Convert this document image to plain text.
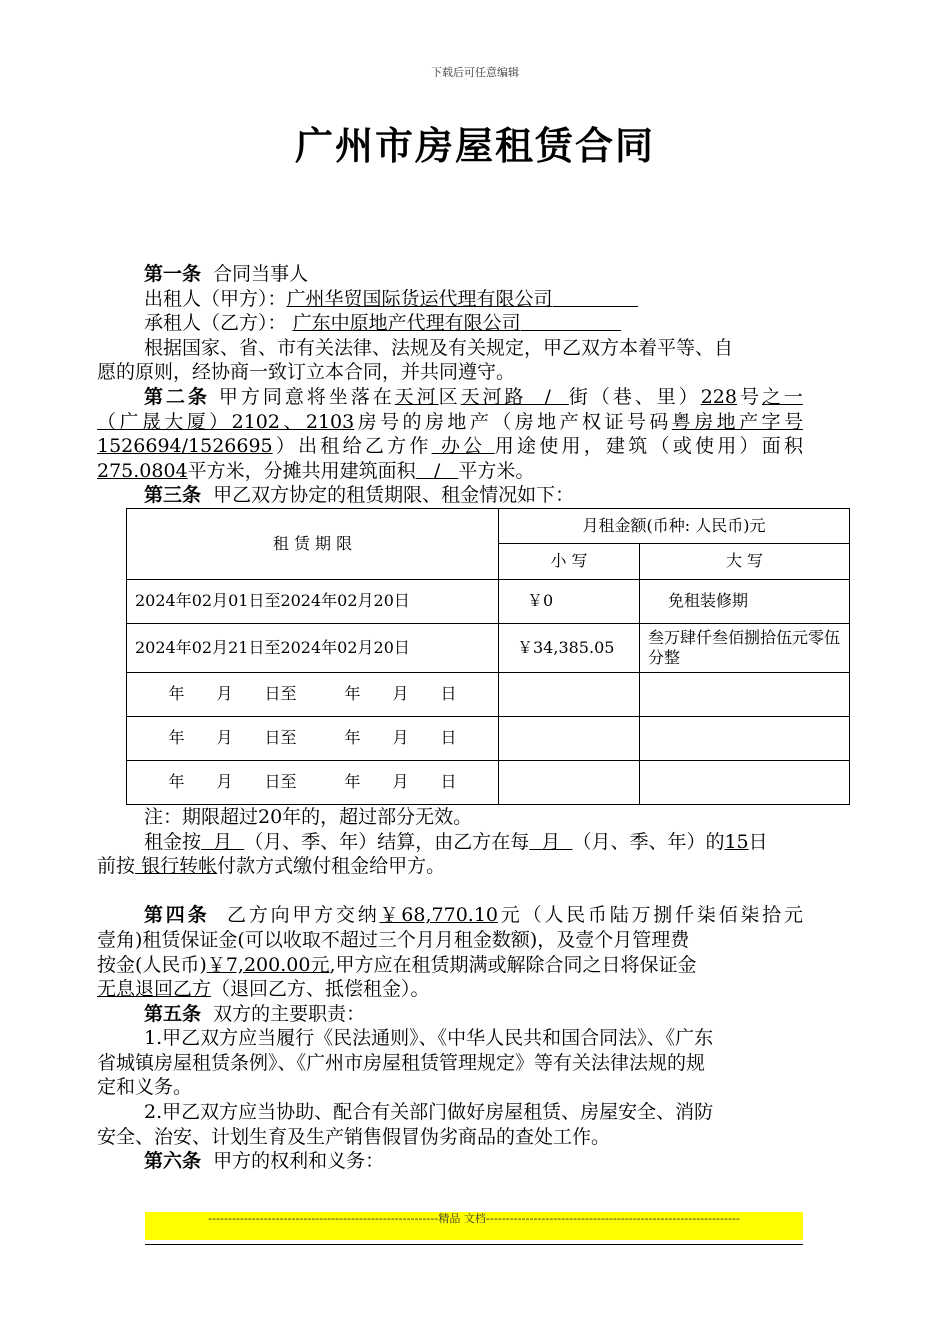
下载后可任意编辑
广州市房屋租赁合同
第一条 合同当事人
出租人（甲方）：广州华贸国际货运代理有限公司
承租人（乙方）： 广东中原地产代理有限公司
根据国家、省、市有关法律、法规及有关规定，甲乙双方本着平等、自
愿的原则，经协商一致订立本合同，并共同遵守。
第二条 甲方同意将坐落在天河区天河路 / 街（巷、里）228号之一
（广晟大厦）2102、2103房号的房地产（房地产权证号码粤房地产字号
1526694/1526695）出租给乙方作 办公 用途使用，建筑（或使用）面积
275.0804平方米，分摊共用建筑面积 / 平方米。
第三条 甲乙双方协定的租赁期限、租金情况如下：
租 赁 期 限	月租金额(币种: 人民币)元	
	小 写	大 写
2024年02月01日至2024年02月20日	￥0	免租装修期
2024年02月21日至2024年02月20日	￥34,385.05	叁万肆仟叁佰捌拾伍元零伍分整
年　　月　　日至　　　年　　月　　日		
年　　月　　日至　　　年　　月　　日		
年　　月　　日至　　　年　　月　　日		
注：期限超过20年的，超过部分无效。
租金按 月 （月、季、年）结算，由乙方在每 月 （月、季、年）的15日
前按 银行转帐付款方式缴付租金给甲方。
第四条 乙方向甲方交纳￥68,770.10元（人民币陆万捌仟柒佰柒拾元
壹角)租赁保证金(可以收取不超过三个月月租金数额)，及壹个月管理费
按金(人民币)￥7,200.00元,甲方应在租赁期满或解除合同之日将保证金
无息退回乙方（退回乙方、抵偿租金）。
第五条 双方的主要职责：
1.甲乙双方应当履行《民法通则》、《中华人民共和国合同法》、《广东
省城镇房屋租赁条例》、《广州市房屋租赁管理规定》等有关法律法规的规
定和义务。
2.甲乙双方应当协助、配合有关部门做好房屋租赁、房屋安全、消防
安全、治安、计划生育及生产销售假冒伪劣商品的查处工作。
第六条 甲方的权利和义务：
----------------------------------------------------------精品 文档----------------------------------------------------------------
